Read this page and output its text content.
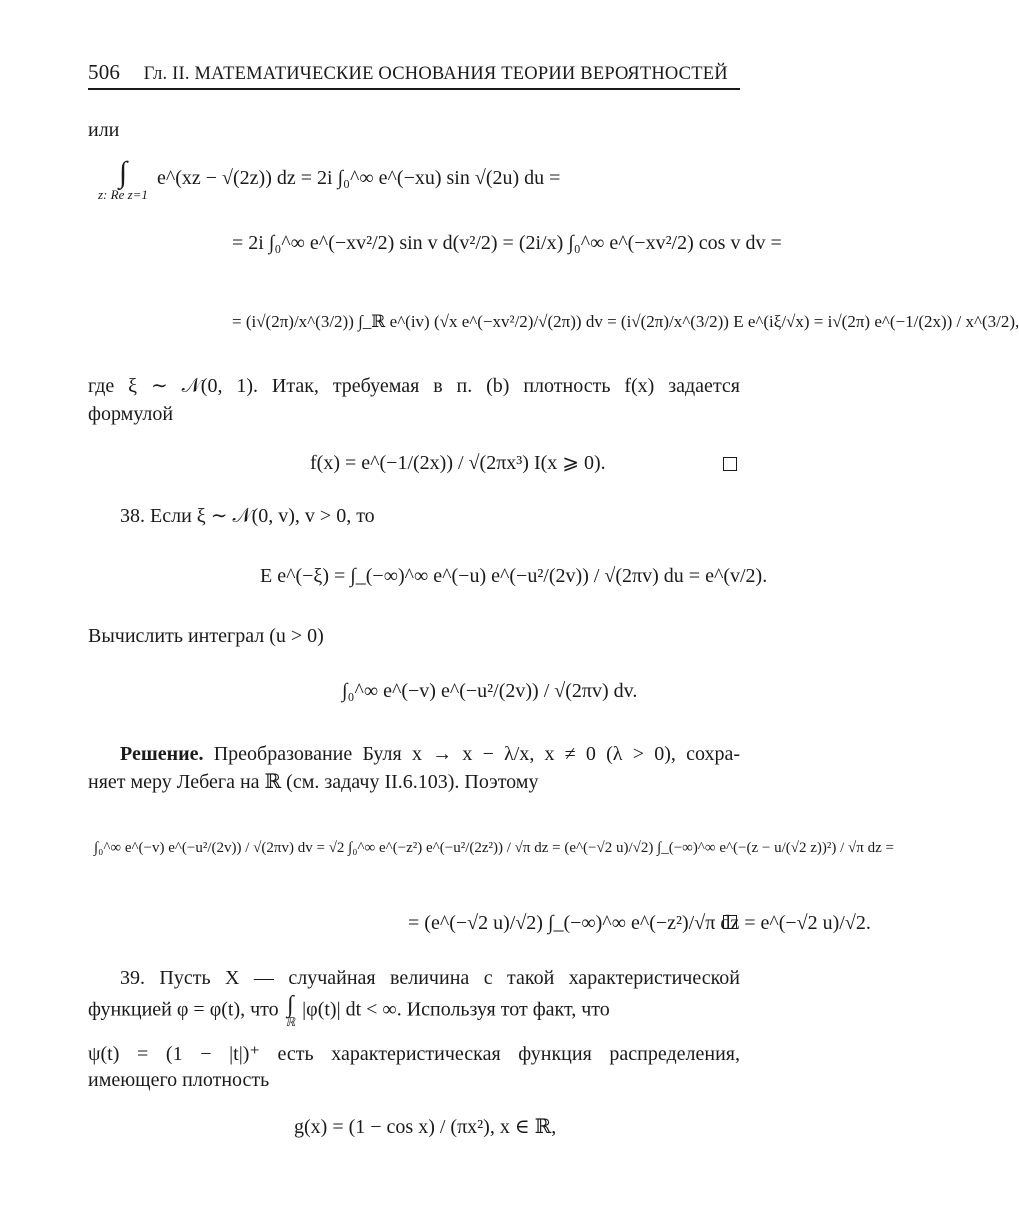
506 Гл. II. МАТЕМАТИЧЕСКИЕ ОСНОВАНИЯ ТЕОРИИ ВЕРОЯТНОСТЕЙ
или
∫
z: Re z=1 e^(xz − √(2z)) dz = 2i ∫₀^∞ e^(−xu) sin √(2u) du =
= 2i ∫₀^∞ e^(−xv²/2) sin v d(v²/2) = (2i/x) ∫₀^∞ e^(−xv²/2) cos v dv =
= (i√(2π)/x^(3/2)) ∫_ℝ e^(iv) (√x e^(−xv²/2)/√(2π)) dv = (i√(2π)/x^(3/2)) E e^(iξ/√x) = i√(2π) e^(−1/(2x)) / x^(3/2),
где ξ ∼ 𝒩(0, 1). Итак, требуемая в п. (b) плотность f(x) задается
формулой
f(x) = e^(−1/(2x)) / √(2πx³) I(x ⩾ 0).
38. Если ξ ∼ 𝒩(0, v), v > 0, то
E e^(−ξ) = ∫_(−∞)^∞ e^(−u) e^(−u²/(2v)) / √(2πv) du = e^(v/2).
Вычислить интеграл (u > 0)
∫₀^∞ e^(−v) e^(−u²/(2v)) / √(2πv) dv.
Решение. Преобразование Буля x → x − λ/x, x ≠ 0 (λ > 0), сохра-
няет меру Лебега на ℝ (см. задачу II.6.103). Поэтому
∫₀^∞ e^(−v) e^(−u²/(2v)) / √(2πv) dv = √2 ∫₀^∞ e^(−z²) e^(−u²/(2z²)) / √π dz = (e^(−√2 u)/√2) ∫_(−∞)^∞ e^(−(z − u/(√2 z))²) / √π dz =
= (e^(−√2 u)/√2) ∫_(−∞)^∞ e^(−z²)/√π dz = e^(−√2 u)/√2.
39. Пусть X — случайная величина с такой характеристической
функцией φ = φ(t), что ∫
ℝ |φ(t)| dt < ∞. Используя тот факт, что
ψ(t) = (1 − |t|)⁺ есть характеристическая функция распределения,
имеющего плотность
g(x) = (1 − cos x) / (πx²), x ∈ ℝ,
